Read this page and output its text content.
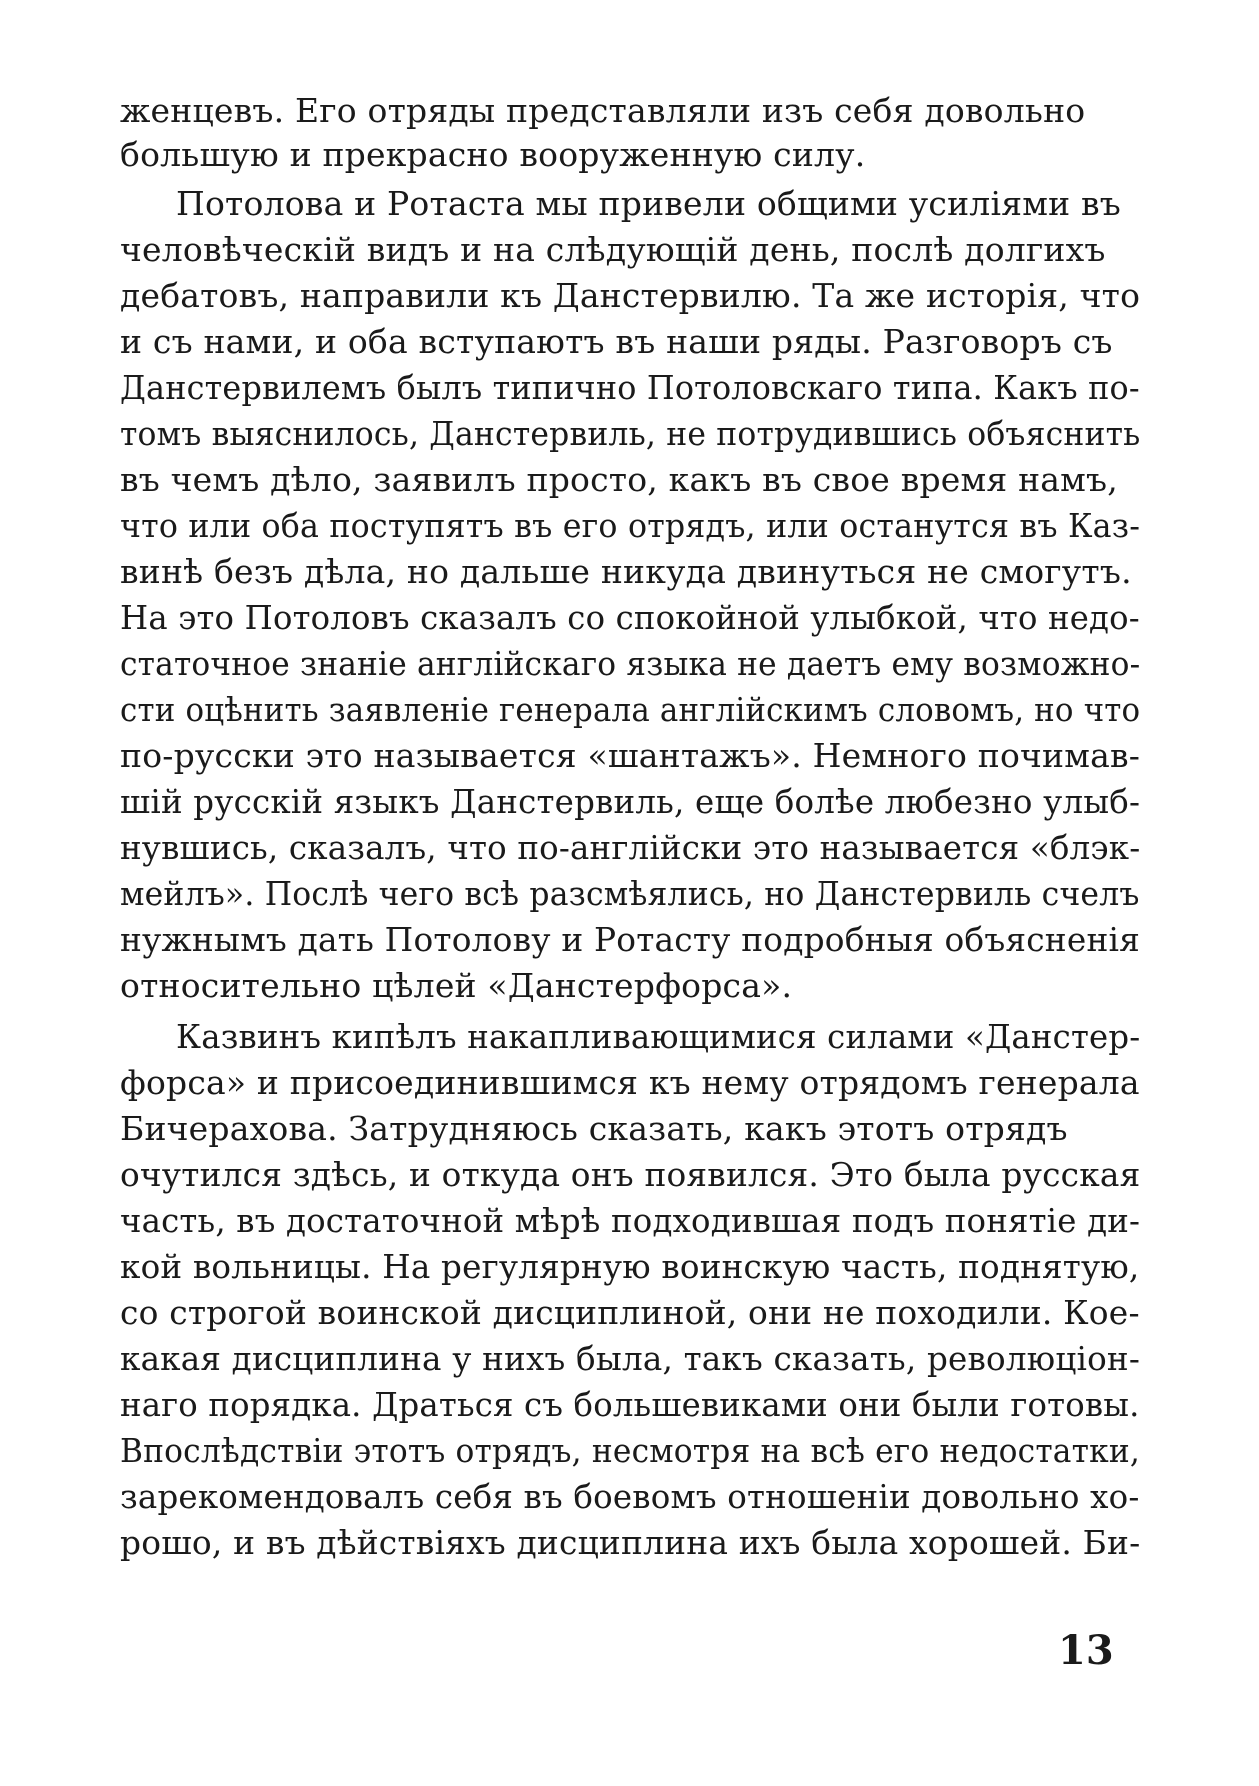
женцевъ. Его отряды представляли изъ себя довольно
большую и прекрасно вооруженную силу.
Потолова и Ротаста мы привели общими усиліями въ
человѣческій видъ и на слѣдующій день, послѣ долгихъ
дебатовъ, направили къ Данстервилю. Та же исторія, что
и съ нами, и оба вступаютъ въ наши ряды. Разговоръ съ
Данстервилемъ былъ типично Потоловскаго типа. Какъ по-
томъ выяснилось, Данстервиль, не потрудившись объяснить
въ чемъ дѣло, заявилъ просто, какъ въ свое время намъ,
что или оба поступятъ въ его отрядъ, или останутся въ Каз-
винѣ безъ дѣла, но дальше никуда двинуться не смогутъ.
На это Потоловъ сказалъ со спокойной улыбкой, что недо-
статочное знаніе англійскаго языка не даетъ ему возможно-
сти оцѣнить заявленіе генерала англійскимъ словомъ, но что
по-русски это называется «шантажъ». Немного почимав-
шій русскій языкъ Данстервиль, еще болѣе любезно улыб-
нувшись, сказалъ, что по-англійски это называется «блэк-
мейлъ». Послѣ чего всѣ разсмѣялись, но Данстервиль счелъ
нужнымъ дать Потолову и Ротасту подробныя объясненія
относительно цѣлей «Данстерфорса».
Казвинъ кипѣлъ накапливающимися силами «Данстер-
форса» и присоединившимся къ нему отрядомъ генерала
Бичерахова. Затрудняюсь сказать, какъ этотъ отрядъ
очутился здѣсь, и откуда онъ появился. Это была русская
часть, въ достаточной мѣрѣ подходившая подъ понятіе ди-
кой вольницы. На регулярную воинскую часть, поднятую,
со строгой воинской дисциплиной, они не походили. Кое-
какая дисциплина у нихъ была, такъ сказать, революціон-
наго порядка. Драться съ большевиками они были готовы.
Впослѣдствіи этотъ отрядъ, несмотря на всѣ его недостатки,
зарекомендовалъ себя въ боевомъ отношеніи довольно хо-
рошо, и въ дѣйствіяхъ дисциплина ихъ была хорошей. Би-
13
